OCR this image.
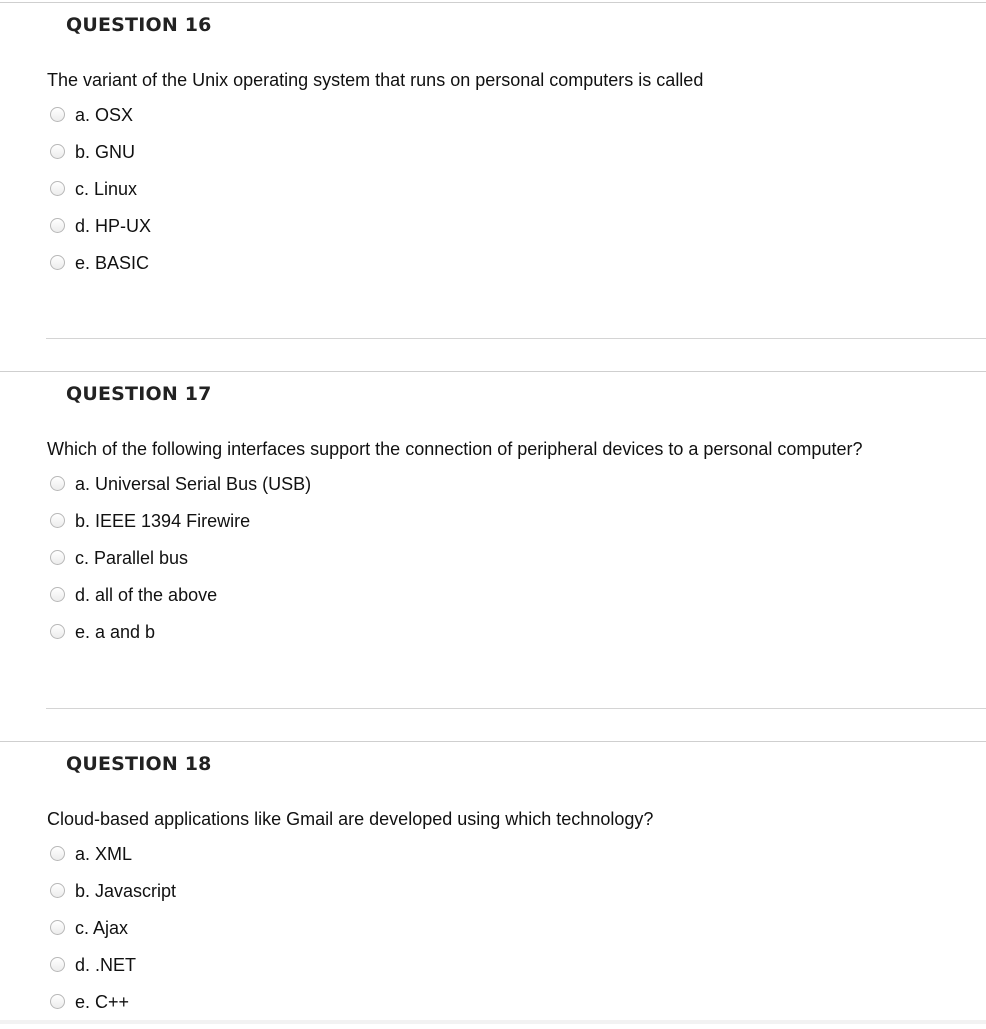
QUESTION 16
The variant of the Unix operating system that runs on personal computers is called
a. OSX
b. GNU
c. Linux
d. HP-UX
e. BASIC
QUESTION 17
Which of the following interfaces support the connection of peripheral devices to a personal computer?
a. Universal Serial Bus (USB)
b. IEEE 1394 Firewire
c. Parallel bus
d. all of the above
e. a and b
QUESTION 18
Cloud-based applications like Gmail are developed using which technology?
a. XML
b. Javascript
c. Ajax
d. .NET
e. C++
